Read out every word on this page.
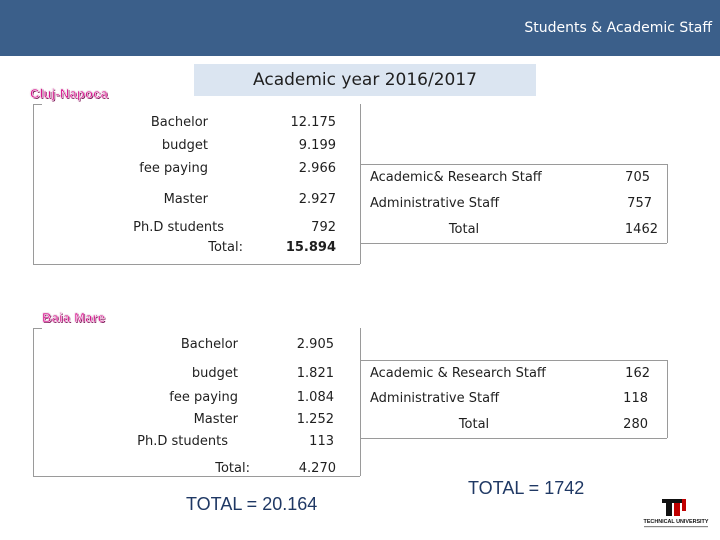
Students & Academic Staff
Academic year 2016/2017
Cluj-Napoca
Bachelor	12.175
budget	9.199
fee paying	2.966
Master	2.927
Ph.D students	792
Total:	15.894
Academic& Research Staff	705
Administrative Staff	757
Total	1462
Baia Mare
Bachelor	2.905
budget	1.821
fee paying	1.084
Master	1.252
Ph.D students	113
Total:	4.270
Academic & Research Staff	162
Administrative Staff	118
Total	280
TOTAL = 20.164
TOTAL = 1742
TECHNICAL UNIVERSITY
